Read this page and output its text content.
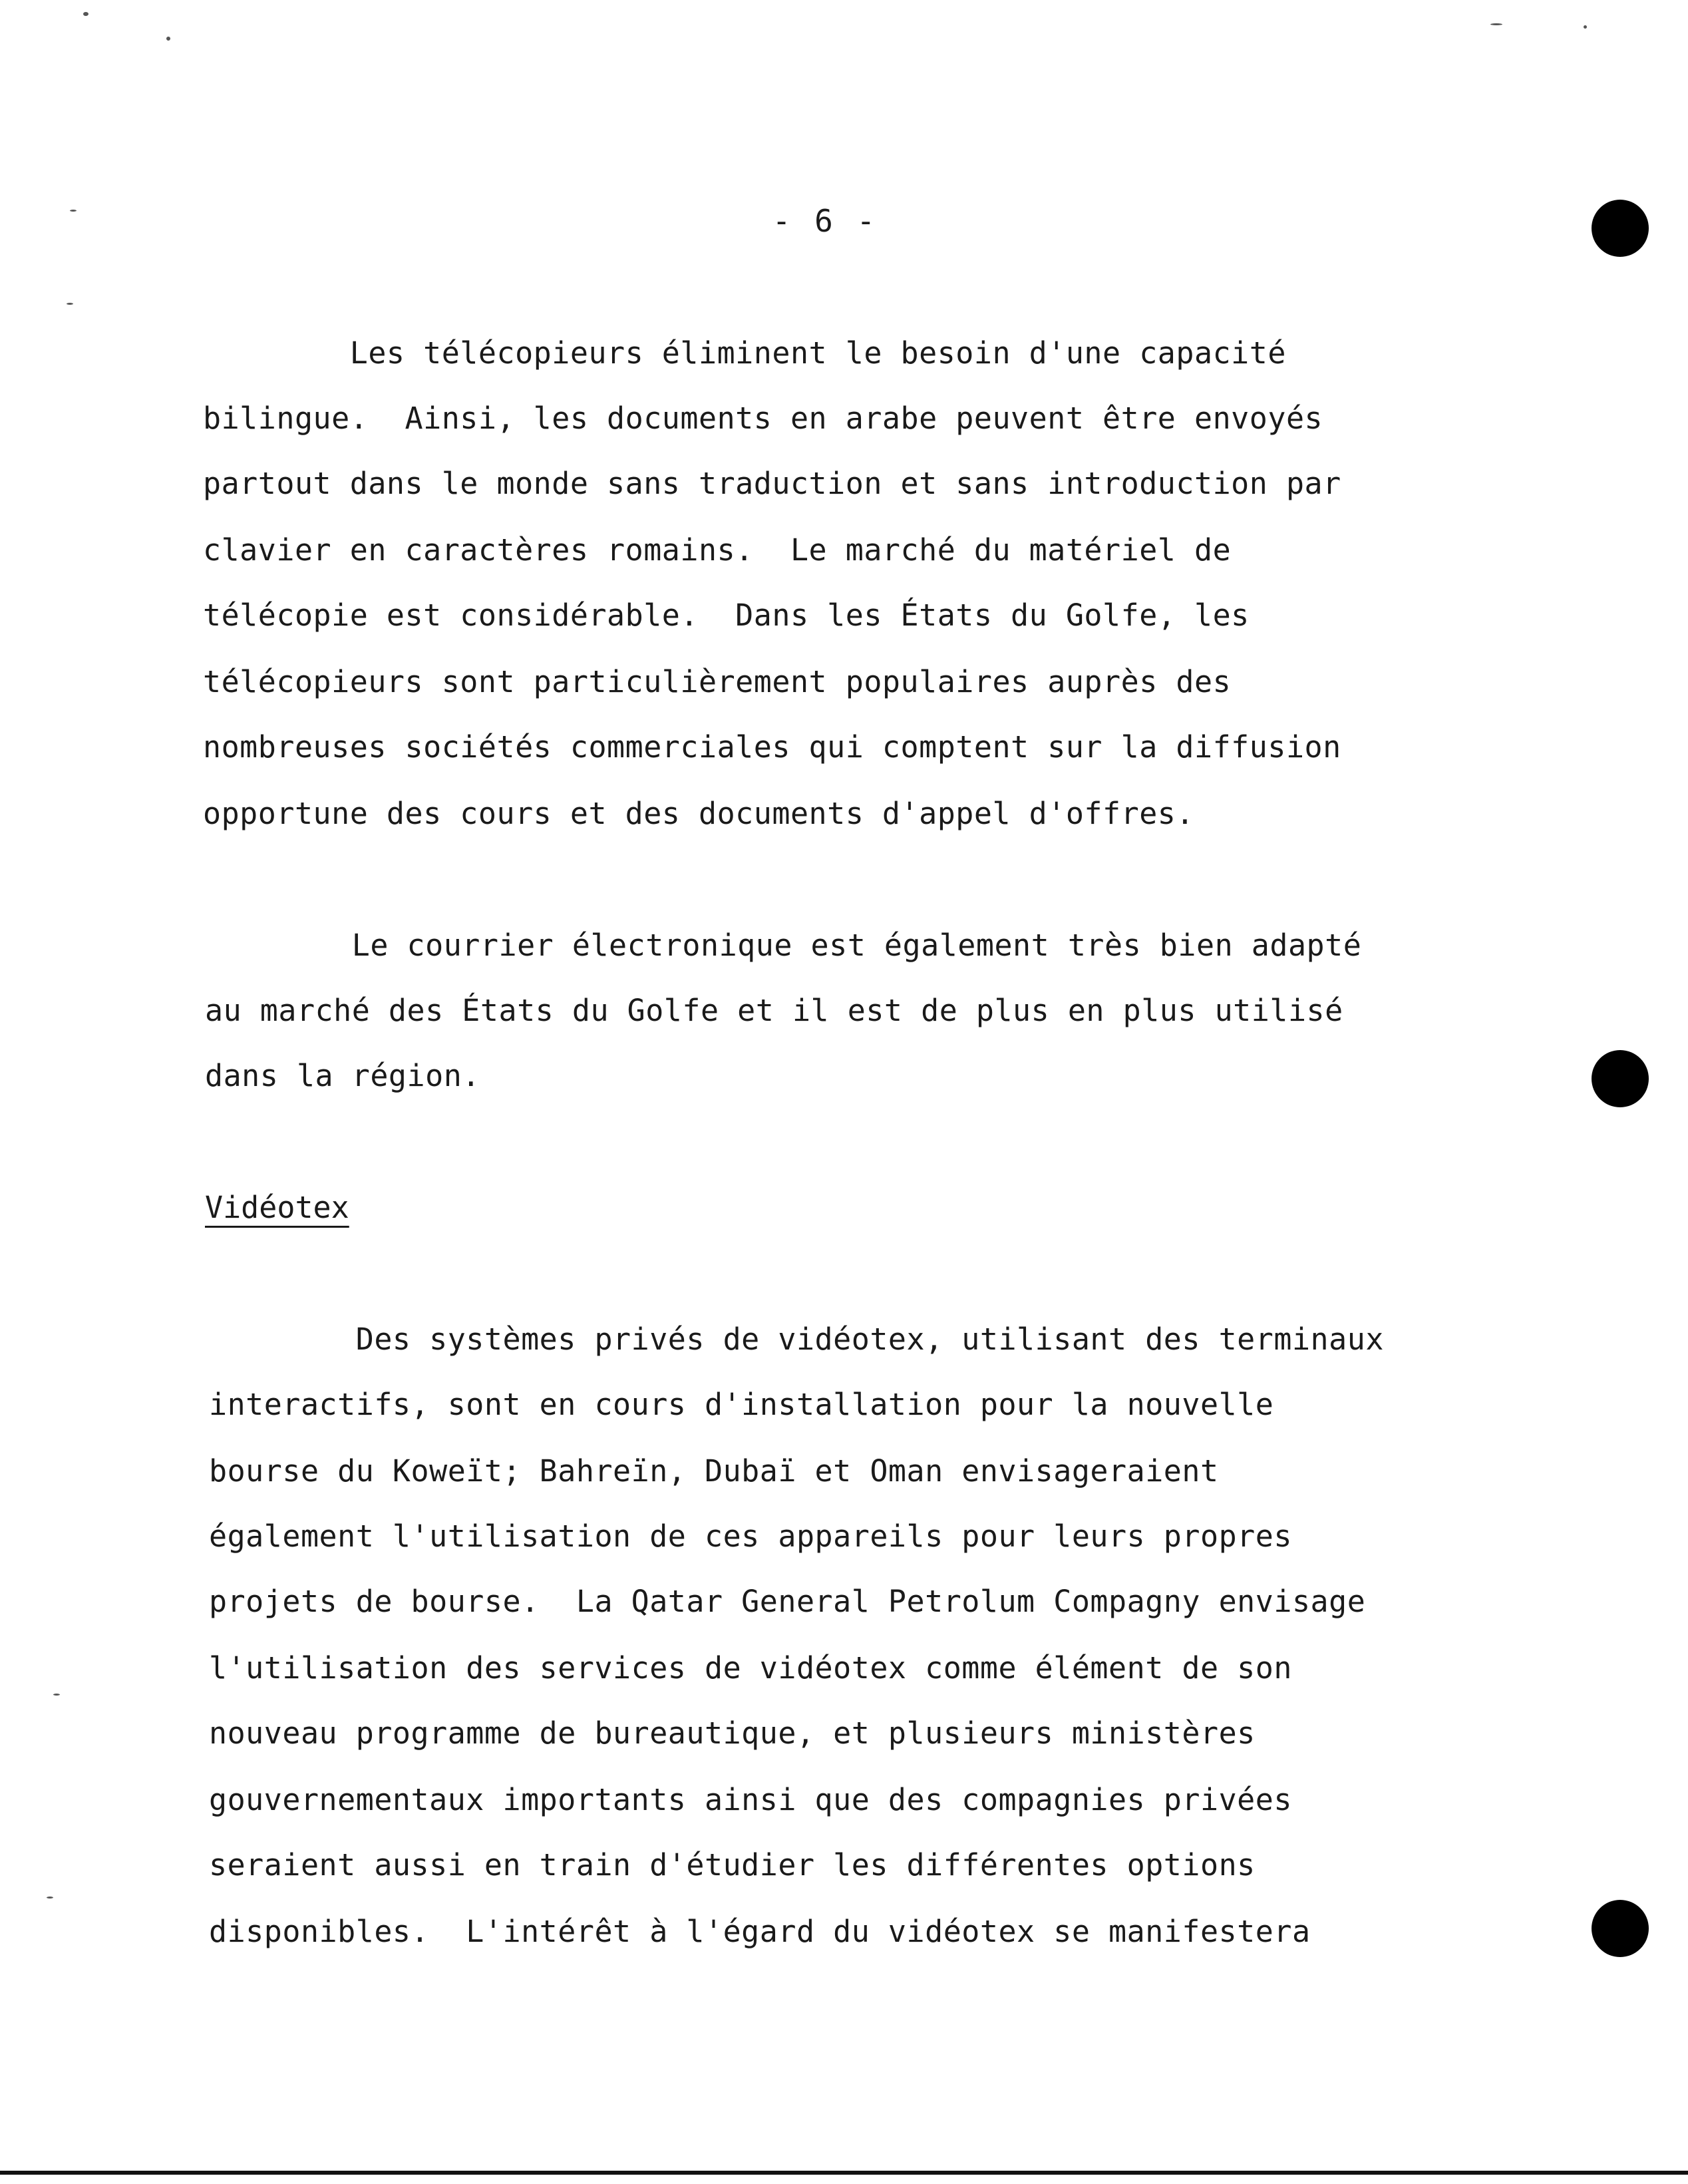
- 6 -
Les télécopieurs éliminent le besoin d'une capacité
bilingue.  Ainsi, les documents en arabe peuvent être envoyés
partout dans le monde sans traduction et sans introduction par
clavier en caractères romains.  Le marché du matériel de
télécopie est considérable.  Dans les États du Golfe, les
télécopieurs sont particulièrement populaires auprès des
nombreuses sociétés commerciales qui comptent sur la diffusion
opportune des cours et des documents d'appel d'offres.
Le courrier électronique est également très bien adapté
au marché des États du Golfe et il est de plus en plus utilisé
dans la région.
Vidéotex
Des systèmes privés de vidéotex, utilisant des terminaux
interactifs, sont en cours d'installation pour la nouvelle
bourse du Koweït; Bahreïn, Dubaï et Oman envisageraient
également l'utilisation de ces appareils pour leurs propres
projets de bourse.  La Qatar General Petrolum Compagny envisage
l'utilisation des services de vidéotex comme élément de son
nouveau programme de bureautique, et plusieurs ministères
gouvernementaux importants ainsi que des compagnies privées
seraient aussi en train d'étudier les différentes options
disponibles.  L'intérêt à l'égard du vidéotex se manifestera
